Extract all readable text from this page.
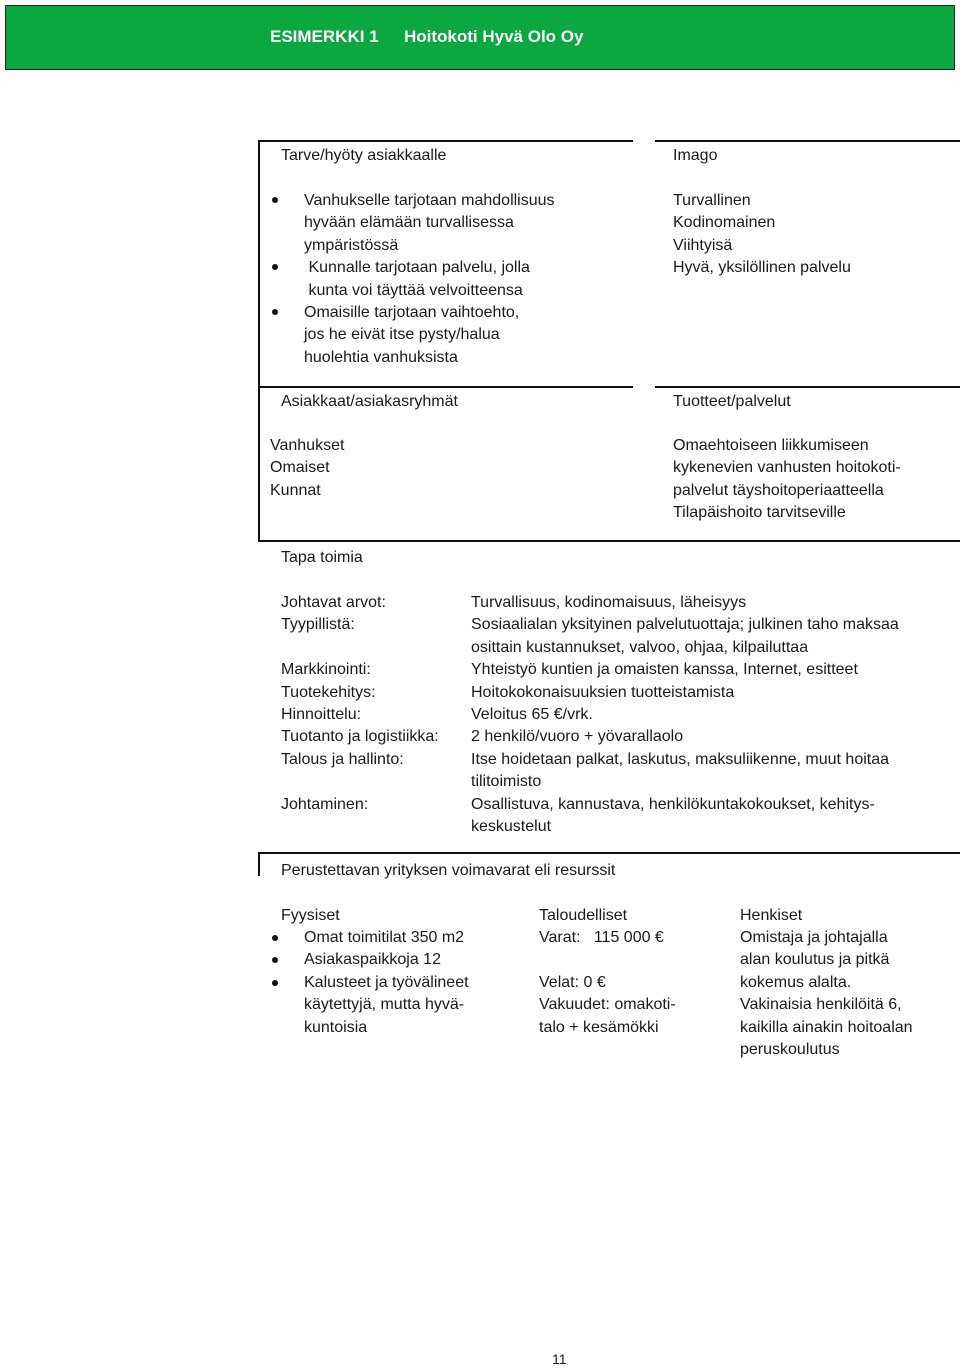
ESIMERKKI 1 Hoitokoti Hyvä Olo Oy
Tarve/hyöty asiakkaalle
Vanhukselle tarjotaan mahdollisuus
hyvään elämään turvallisessa
ympäristössä
Kunnalle tarjotaan palvelu, jolla
kunta voi täyttää velvoitteensa
Omaisille tarjotaan vaihtoehto,
jos he eivät itse pysty/halua
huolehtia vanhuksista
Imago
Turvallinen
Kodinomainen
Viihtyisä
Hyvä, yksilöllinen palvelu
Asiakkaat/asiakasryhmät
Vanhukset
Omaiset
Kunnat
Tuotteet/palvelut
Omaehtoiseen liikkumiseen
kykenevien vanhusten hoitokoti-
palvelut täyshoitoperiaatteella
Tilapäishoito tarvitseville
Tapa toimia
Johtavat arvot:
Tyypillistä:
Markkinointi:
Tuotekehitys:
Hinnoittelu:
Tuotanto ja logistiikka:
Talous ja hallinto:
Johtaminen:
Turvallisuus, kodinomaisuus, läheisyys
Sosiaalialan yksityinen palvelutuottaja; julkinen taho maksaa
osittain kustannukset, valvoo, ohjaa, kilpailuttaa
Yhteistyö kuntien ja omaisten kanssa, Internet, esitteet
Hoitokokonaisuuksien tuotteistamista
Veloitus 65 €/vrk.
2 henkilö/vuoro + yövarallaolo
Itse hoidetaan palkat, laskutus, maksuliikenne, muut hoitaa
tilitoimisto
Osallistuva, kannustava, henkilökuntakokoukset, kehitys-
keskustelut
Perustettavan yrityksen voimavarat eli resurssit
Fyysiset
Omat toimitilat 350 m2
Asiakaspaikkoja 12
Kalusteet ja työvälineet
käytettyjä, mutta hyvä-
kuntoisia
Taloudelliset
Varat:   115 000 €
Velat: 0 €
Vakuudet: omakoti-
talo + kesämökki
Henkiset
Omistaja ja johtajalla
alan koulutus ja pitkä
kokemus alalta.
Vakinaisia henkilöitä 6,
kaikilla ainakin hoitoalan
peruskoulutus
11
